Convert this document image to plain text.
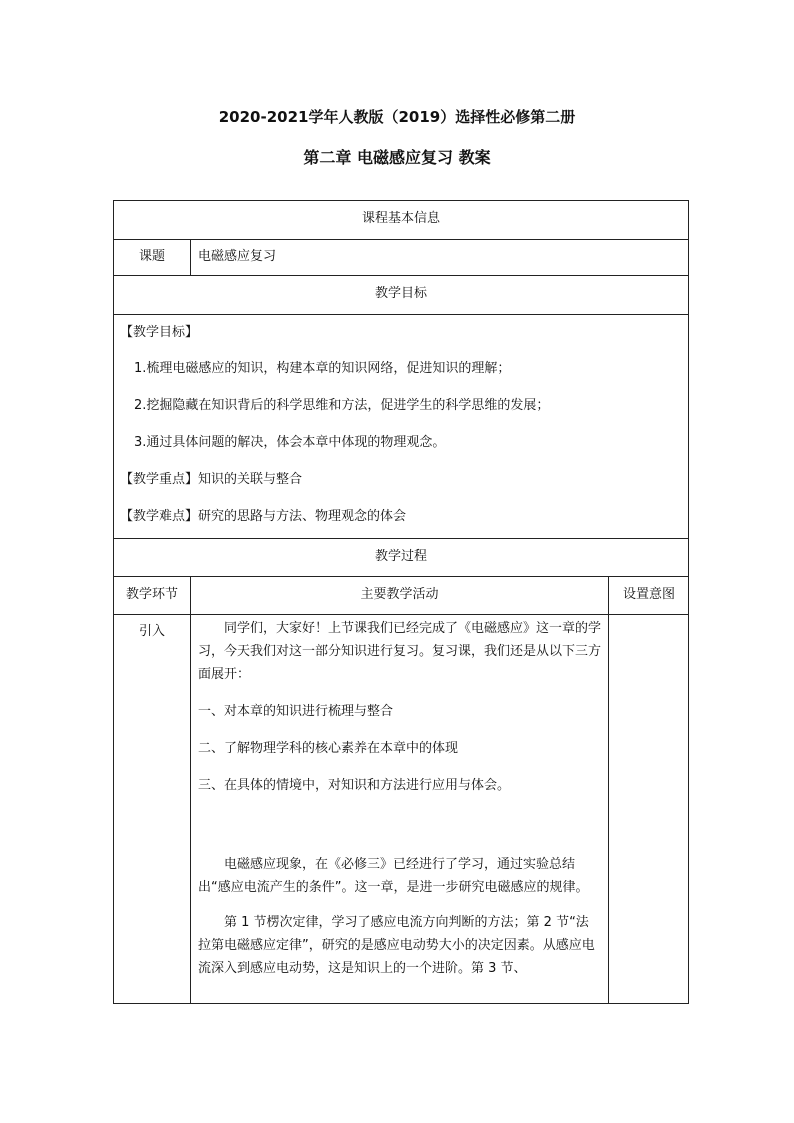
2020-2021学年人教版（2019）选择性必修第二册
第二章 电磁感应复习 教案
课程基本信息
课题	电磁感应复习
教学目标
【教学目标】
1.梳理电磁感应的知识，构建本章的知识网络，促进知识的理解；
2.挖掘隐藏在知识背后的科学思维和方法，促进学生的科学思维的发展；
3.通过具体问题的解决，体会本章中体现的物理观念。
【教学重点】知识的关联与整合
【教学难点】研究的思路与方法、物理观念的体会
教学过程
教学环节	主要教学活动	设置意图
引入	同学们，大家好！上节课我们已经完成了《电磁感应》这一章的学习，今天我们对这一部分知识进行复习。复习课，我们还是从以下三方面展开：

一、对本章的知识进行梳理与整合

二、了解物理学科的核心素养在本章中的体现

三、在具体的情境中，对知识和方法进行应用与体会。

电磁感应现象，在《必修三》已经进行了学习，通过实验总结出“感应电流产生的条件”。这一章，是进一步研究电磁感应的规律。

第 1 节楞次定律，学习了感应电流方向判断的方法；第 2 节“法拉第电磁感应定律”，研究的是感应电动势大小的决定因素。从感应电流深入到感应电动势，这是知识上的一个进阶。第 3 节、
